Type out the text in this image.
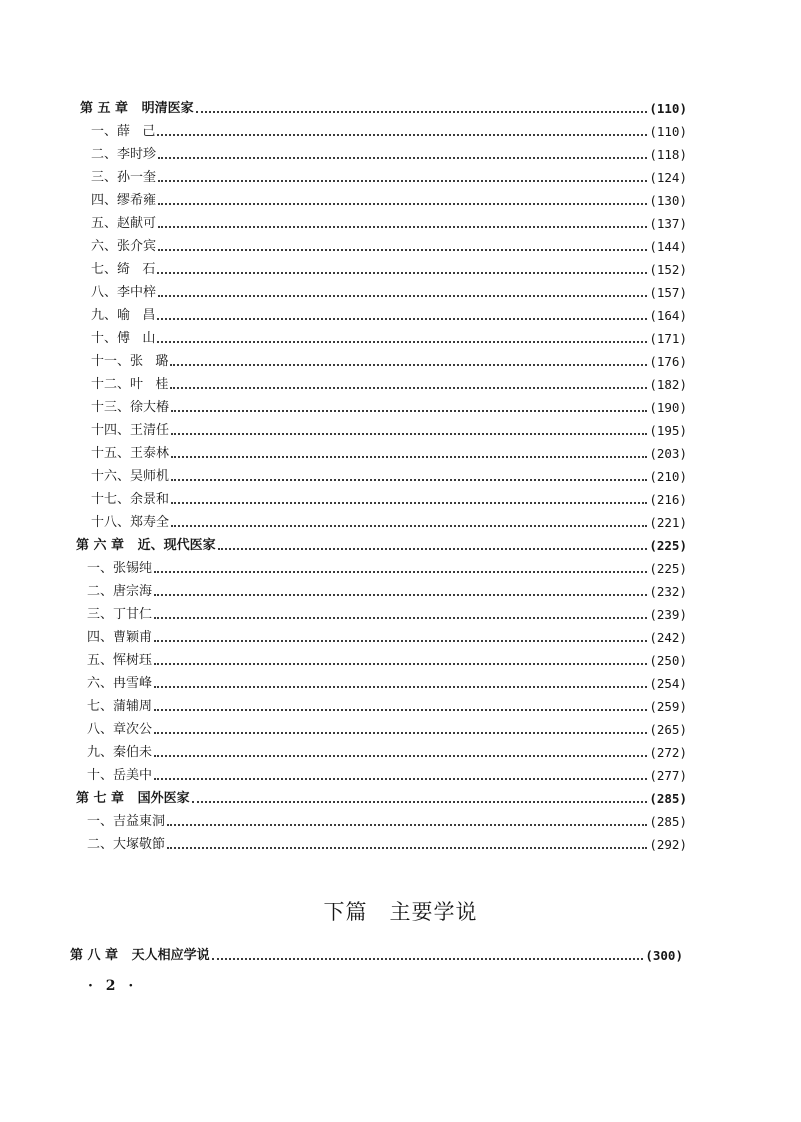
第 五 章   明清医家	(110)
一、薛   己	(110)
二、李时珍	(118)
三、孙一奎	(124)
四、缪希雍	(130)
五、赵献可	(137)
六、张介宾	(144)
七、绮   石	(152)
八、李中梓	(157)
九、喻   昌	(164)
十、傅   山	(171)
十一、张   璐	(176)
十二、叶   桂	(182)
十三、徐大椿	(190)
十四、王清任	(195)
十五、王泰林	(203)
十六、吴师机	(210)
十七、余景和	(216)
十八、郑寿全	(221)
第 六 章   近、现代医家	(225)
一、张锡纯	(225)
二、唐宗海	(232)
三、丁甘仁	(239)
四、曹颖甫	(242)
五、恽树珏	(250)
六、冉雪峰	(254)
七、蒲辅周	(259)
八、章次公	(265)
九、秦伯未	(272)
十、岳美中	(277)
第 七 章   国外医家	(285)
一、吉益東洞	(285)
二、大塚敬節	(292)
下篇 主要学说
第 八 章   天人相应学说	(300)
· 2 ·
